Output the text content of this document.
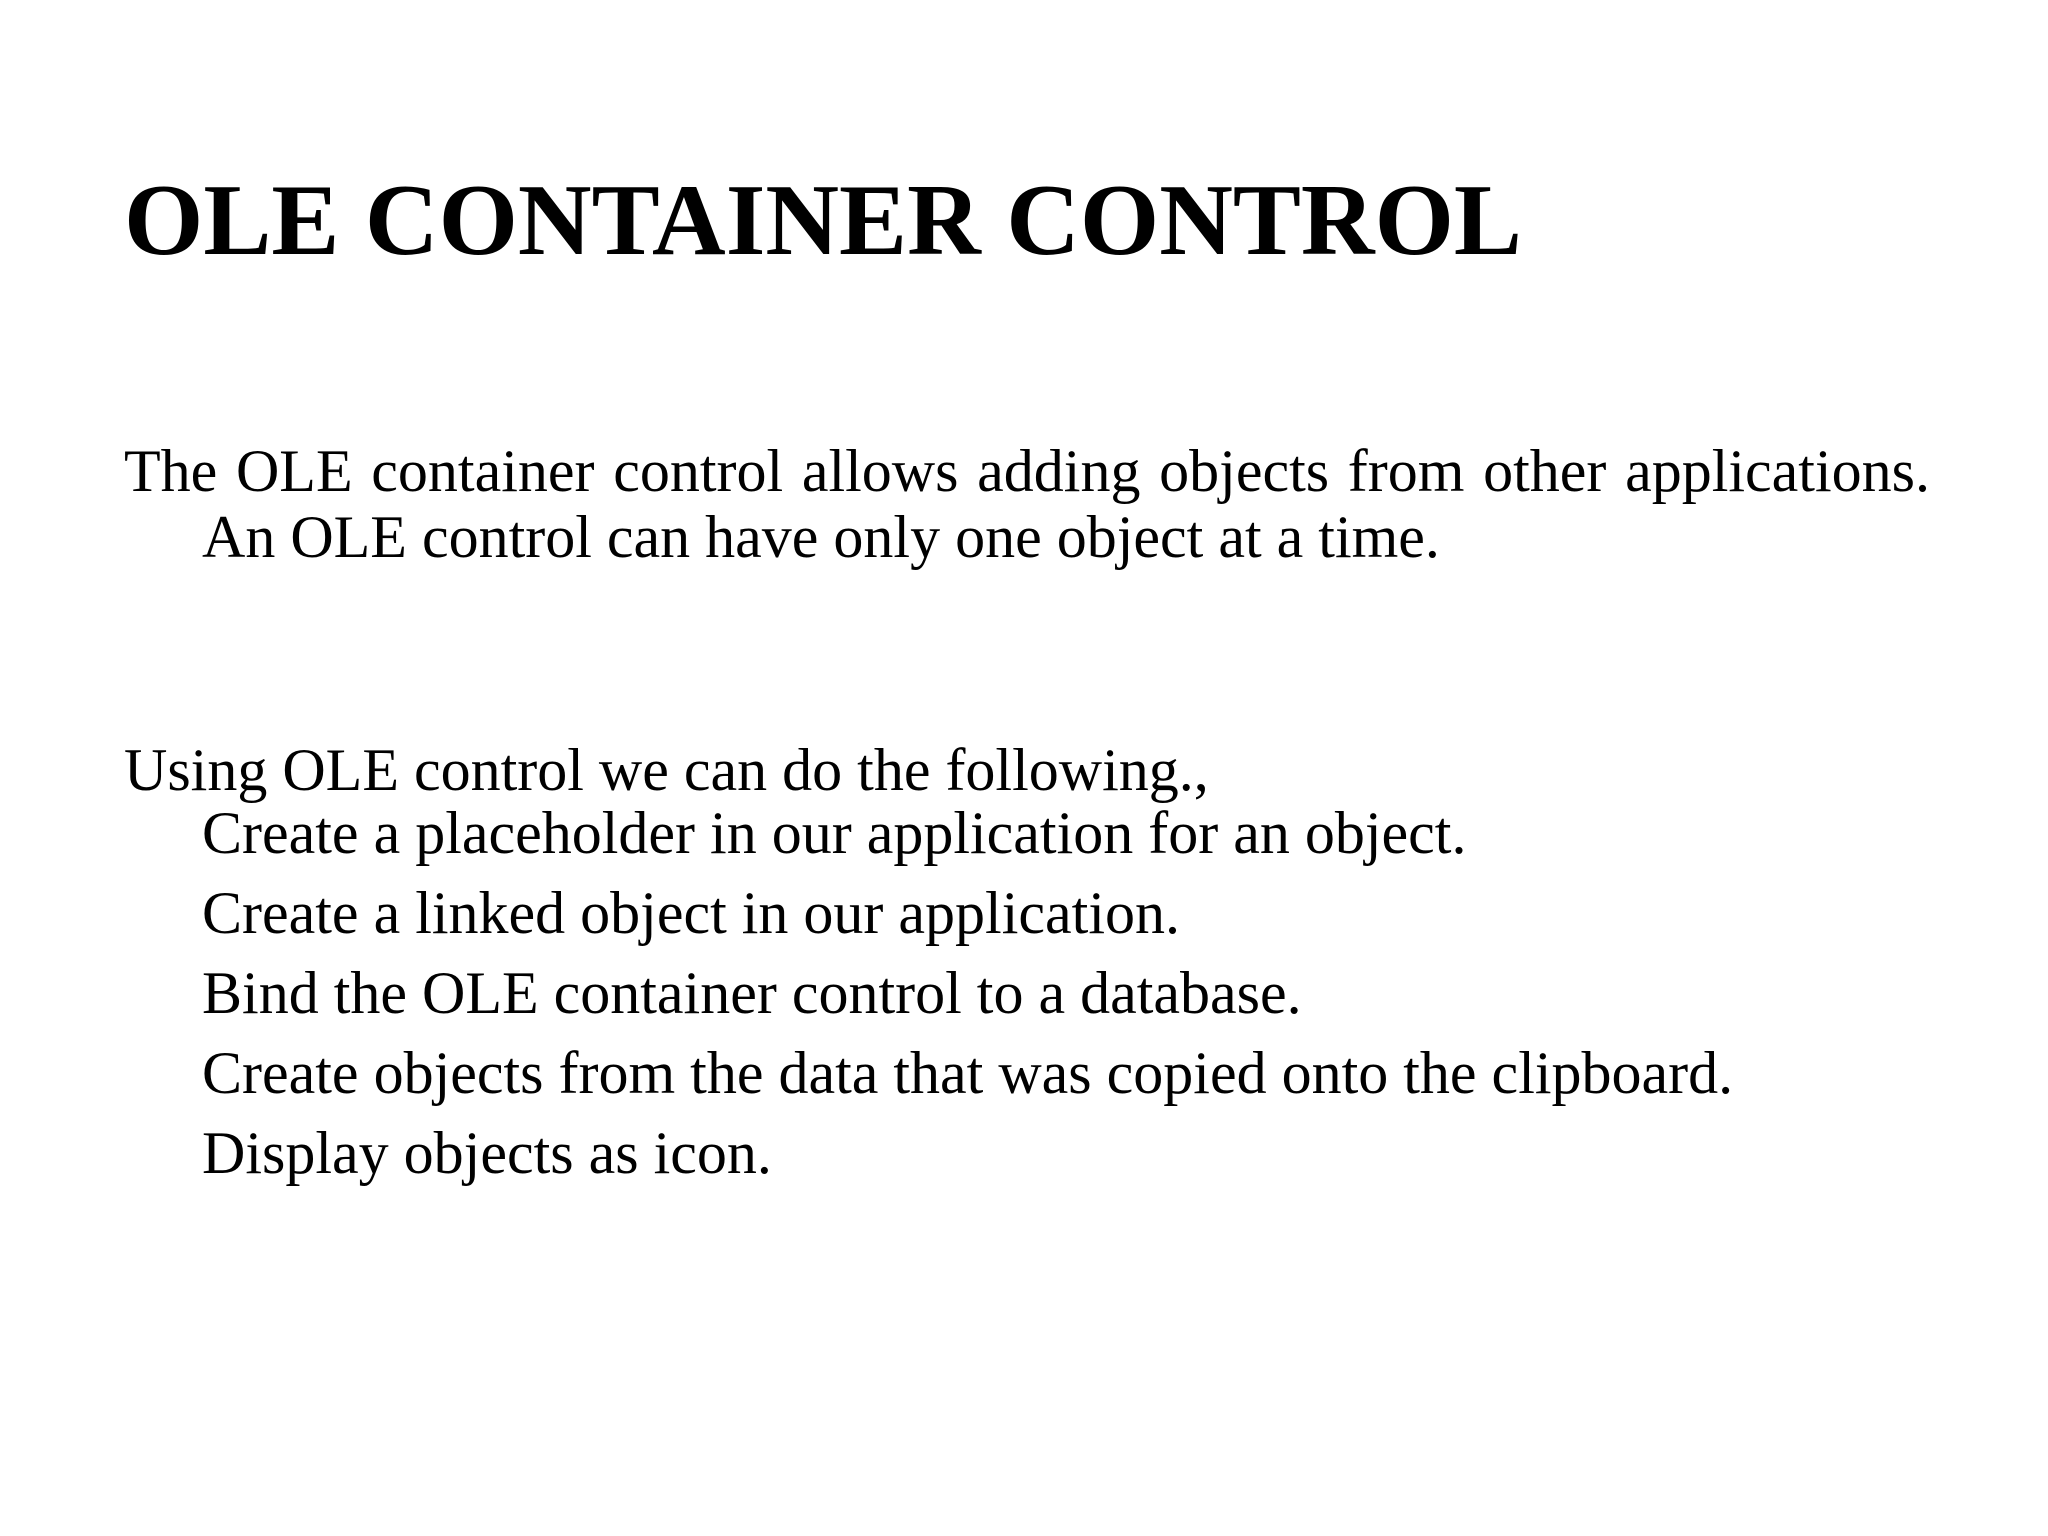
OLE CONTAINER CONTROL

The OLE container control allows adding objects from other applications. An OLE control can have only one object at a time.

Using OLE control we can do the following.,

Create a placeholder in our application for an object.
Create a linked object in our application.
Bind the OLE container control to a database.
Create objects from the data that was copied onto the clipboard.
Display objects as icon.
